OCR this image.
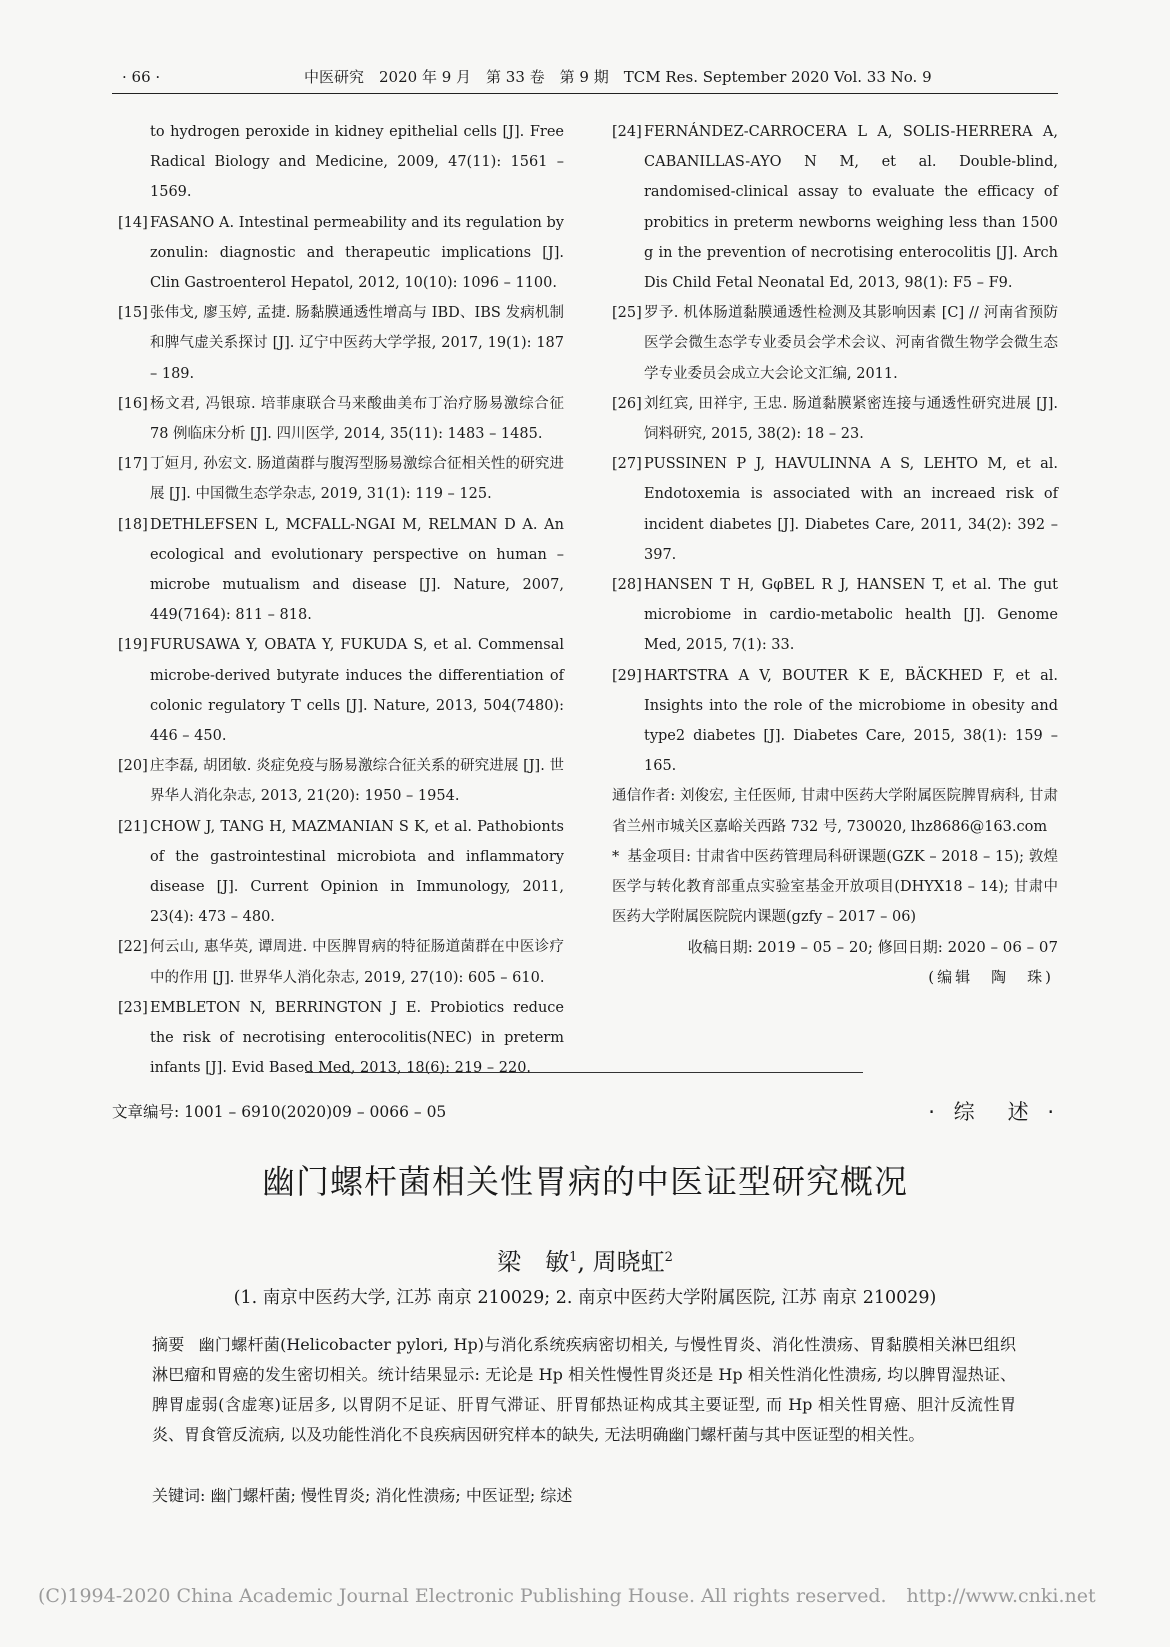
· 66 ·	中医研究　2020 年 9 月　第 33 卷　第 9 期　TCM Res. September 2020 Vol. 33 No. 9
to hydrogen peroxide in kidney epithelial cells [J]. Free Radical Biology and Medicine, 2009, 47(11): 1561 – 1569.
[14] FASANO A. Intestinal permeability and its regulation by zonulin: diagnostic and therapeutic implications [J]. Clin Gastroenterol Hepatol, 2012, 10(10): 1096 – 1100.
[15] 张伟戈, 廖玉婷, 孟捷. 肠黏膜通透性增高与 IBD、IBS 发病机制和脾气虚关系探讨 [J]. 辽宁中医药大学学报, 2017, 19(1): 187 – 189.
[16] 杨文君, 冯银琼. 培菲康联合马来酸曲美布丁治疗肠易激综合征 78 例临床分析 [J]. 四川医学, 2014, 35(11): 1483 – 1485.
[17] 丁姮月, 孙宏文. 肠道菌群与腹泻型肠易激综合征相关性的研究进展 [J]. 中国微生态学杂志, 2019, 31(1): 119 – 125.
[18] DETHLEFSEN L, MCFALL-NGAI M, RELMAN D A. An ecological and evolutionary perspective on human – microbe mutualism and disease [J]. Nature, 2007, 449(7164): 811 – 818.
[19] FURUSAWA Y, OBATA Y, FUKUDA S, et al. Commensal microbe-derived butyrate induces the differentiation of colonic regulatory T cells [J]. Nature, 2013, 504(7480): 446 – 450.
[20] 庄李磊, 胡团敏. 炎症免疫与肠易激综合征关系的研究进展 [J]. 世界华人消化杂志, 2013, 21(20): 1950 – 1954.
[21] CHOW J, TANG H, MAZMANIAN S K, et al. Pathobionts of the gastrointestinal microbiota and inflammatory disease [J]. Current Opinion in Immunology, 2011, 23(4): 473 – 480.
[22] 何云山, 惠华英, 谭周进. 中医脾胃病的特征肠道菌群在中医诊疗中的作用 [J]. 世界华人消化杂志, 2019, 27(10): 605 – 610.
[23] EMBLETON N, BERRINGTON J E. Probiotics reduce the risk of necrotising enterocolitis(NEC) in preterm infants [J]. Evid Based Med, 2013, 18(6): 219 – 220.
[24] FERNÁNDEZ-CARROCERA L A, SOLIS-HERRERA A, CABANILLAS-AYO N M, et al. Double-blind, randomised-clinical assay to evaluate the efficacy of probitics in preterm newborns weighing less than 1500 g in the prevention of necrotising enterocolitis [J]. Arch Dis Child Fetal Neonatal Ed, 2013, 98(1): F5 – F9.
[25] 罗予. 机体肠道黏膜通透性检测及其影响因素 [C] // 河南省预防医学会微生态学专业委员会学术会议、河南省微生物学会微生态学专业委员会成立大会论文汇编, 2011.
[26] 刘红宾, 田祥宇, 王忠. 肠道黏膜紧密连接与通透性研究进展 [J]. 饲料研究, 2015, 38(2): 18 – 23.
[27] PUSSINEN P J, HAVULINNA A S, LEHTO M, et al. Endotoxemia is associated with an increaed risk of incident diabetes [J]. Diabetes Care, 2011, 34(2): 392 – 397.
[28] HANSEN T H, GφBEL R J, HANSEN T, et al. The gut microbiome in cardio-metabolic health [J]. Genome Med, 2015, 7(1): 33.
[29] HARTSTRA A V, BOUTER K E, BÄCKHED F, et al. Insights into the role of the microbiome in obesity and type2 diabetes [J]. Diabetes Care, 2015, 38(1): 159 – 165.
通信作者: 刘俊宏, 主任医师, 甘肃中医药大学附属医院脾胃病科, 甘肃省兰州市城关区嘉峪关西路 732 号, 730020, lhz8686@163.com
* 基金项目: 甘肃省中医药管理局科研课题(GZK – 2018 – 15); 敦煌医学与转化教育部重点实验室基金开放项目(DHYX18 – 14); 甘肃中医药大学附属医院院内课题(gzfy – 2017 – 06)
收稿日期: 2019 – 05 – 20; 修回日期: 2020 – 06 – 07
(编辑　陶　珠)
文章编号: 1001 – 6910(2020)09 – 0066 – 05	· 综　述 ·
幽门螺杆菌相关性胃病的中医证型研究概况
梁　敏$^1$, 周晓虹$^2$
(1. 南京中医药大学, 江苏 南京 210029; 2. 南京中医药大学附属医院, 江苏 南京 210029)
摘要 幽门螺杆菌(Helicobacter pylori, Hp)与消化系统疾病密切相关, 与慢性胃炎、消化性溃疡、胃黏膜相关淋巴组织淋巴瘤和胃癌的发生密切相关。统计结果显示: 无论是 Hp 相关性慢性胃炎还是 Hp 相关性消化性溃疡, 均以脾胃湿热证、脾胃虚弱(含虚寒)证居多, 以胃阴不足证、肝胃气滞证、肝胃郁热证构成其主要证型, 而 Hp 相关性胃癌、胆汁反流性胃炎、胃食管反流病, 以及功能性消化不良疾病因研究样本的缺失, 无法明确幽门螺杆菌与其中医证型的相关性。
关键词: 幽门螺杆菌; 慢性胃炎; 消化性溃疡; 中医证型; 综述
(C)1994-2020 China Academic Journal Electronic Publishing House. All rights reserved. http://www.cnki.net
